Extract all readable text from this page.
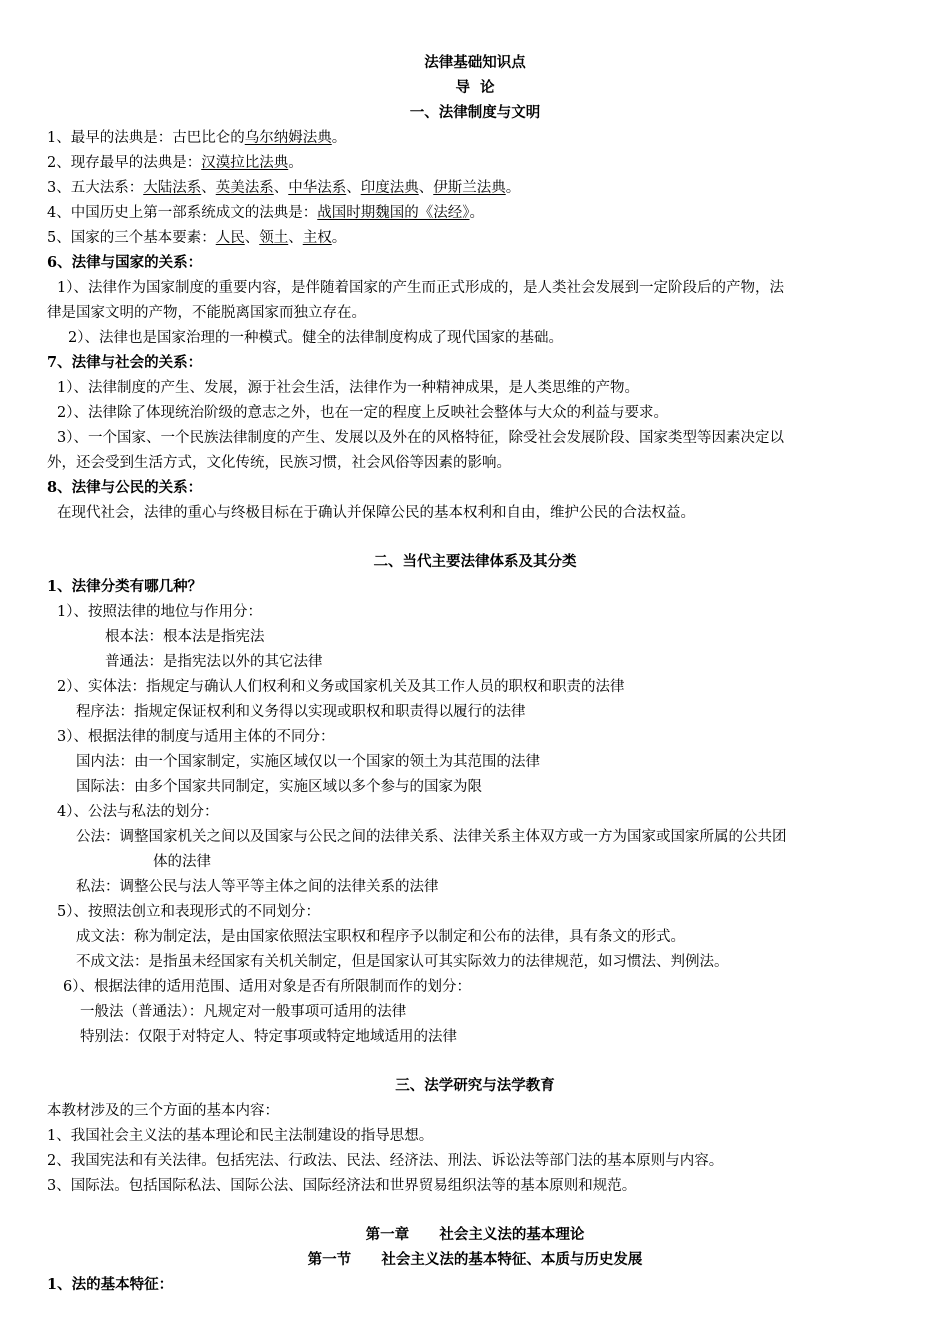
法律基础知识点
导  论
一、法律制度与文明
1、最早的法典是：古巴比仑的乌尔纳姆法典。
2、现存最早的法典是：汉漠拉比法典。
3、五大法系：大陆法系、英美法系、中华法系、印度法典、伊斯兰法典。
4、中国历史上第一部系统成文的法典是：战国时期魏国的《法经》。
5、国家的三个基本要素：人民、领土、主权。
6、法律与国家的关系：
1）、法律作为国家制度的重要内容，是伴随着国家的产生而正式形成的，是人类社会发展到一定阶段后的产物，法
律是国家文明的产物，不能脱离国家而独立存在。
2）、法律也是国家治理的一种模式。健全的法律制度构成了现代国家的基础。
7、法律与社会的关系：
1）、法律制度的产生、发展，源于社会生活，法律作为一种精神成果，是人类思维的产物。
2）、法律除了体现统治阶级的意志之外，也在一定的程度上反映社会整体与大众的利益与要求。
3）、一个国家、一个民族法律制度的产生、发展以及外在的风格特征，除受社会发展阶段、国家类型等因素决定以
外，还会受到生活方式，文化传统，民族习惯，社会风俗等因素的影响。
8、法律与公民的关系：
在现代社会，法律的重心与终极目标在于确认并保障公民的基本权利和自由，维护公民的合法权益。
二、当代主要法律体系及其分类
1、法律分类有哪几种？
1）、按照法律的地位与作用分：
根本法：根本法是指宪法
普通法：是指宪法以外的其它法律
2）、实体法：指规定与确认人们权利和义务或国家机关及其工作人员的职权和职责的法律
程序法：指规定保证权利和义务得以实现或职权和职责得以履行的法律
3）、根据法律的制度与适用主体的不同分：
国内法：由一个国家制定，实施区域仅以一个国家的领土为其范围的法律
国际法：由多个国家共同制定，实施区域以多个参与的国家为限
4）、公法与私法的划分：
公法：调整国家机关之间以及国家与公民之间的法律关系、法律关系主体双方或一方为国家或国家所属的公共团
体的法律
私法：调整公民与法人等平等主体之间的法律关系的法律
5）、按照法创立和表现形式的不同划分：
成文法：称为制定法，是由国家依照法宝职权和程序予以制定和公布的法律，具有条文的形式。
不成文法：是指虽未经国家有关机关制定，但是国家认可其实际效力的法律规范，如习惯法、判例法。
6）、根据法律的适用范围、适用对象是否有所限制而作的划分：
一般法（普通法）：凡规定对一般事项可适用的法律
特别法：仅限于对特定人、特定事项或特定地域适用的法律
三、法学研究与法学教育
本教材涉及的三个方面的基本内容：
1、我国社会主义法的基本理论和民主法制建设的指导思想。
2、我国宪法和有关法律。包括宪法、行政法、民法、经济法、刑法、诉讼法等部门法的基本原则与内容。
3、国际法。包括国际私法、国际公法、国际经济法和世界贸易组织法等的基本原则和规范。
第一章      社会主义法的基本理论
第一节      社会主义法的基本特征、本质与历史发展
1、法的基本特征：
